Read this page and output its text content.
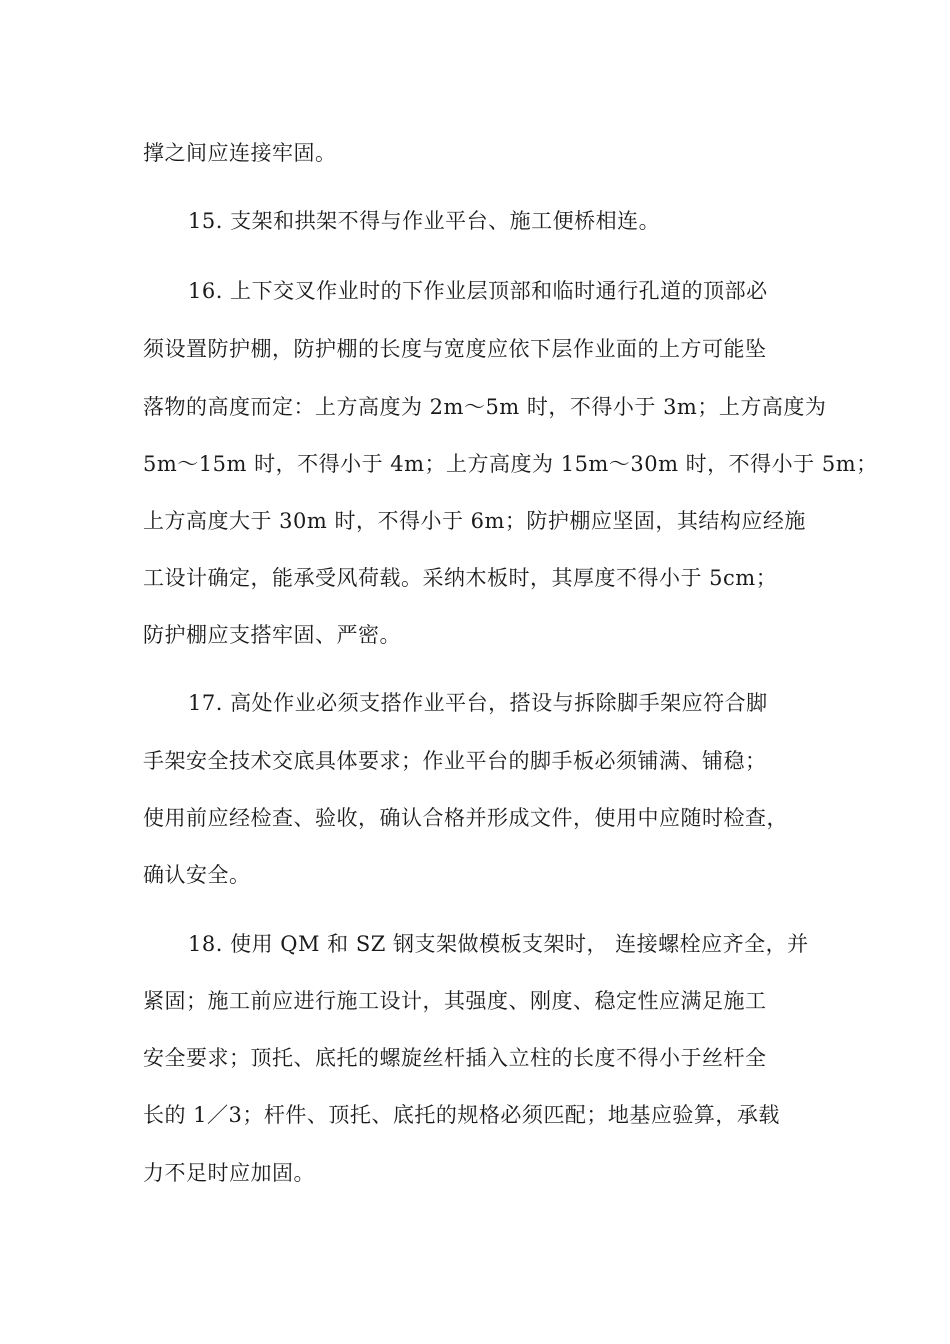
撑之间应连接牢固。
15. 支架和拱架不得与作业平台、施工便桥相连。
16. 上下交叉作业时的下作业层顶部和临时通行孔道的顶部必
须设置防护棚，防护棚的长度与宽度应依下层作业面的上方可能坠
落物的高度而定：上方高度为 2m～5m 时，不得小于 3m；上方高度为
5m～15m 时，不得小于 4m；上方高度为 15m～30m 时，不得小于 5m；
上方高度大于 30m 时，不得小于 6m；防护棚应坚固，其结构应经施
工设计确定，能承受风荷载。采纳木板时，其厚度不得小于 5cm；
防护棚应支搭牢固、严密。
17. 高处作业必须支搭作业平台，搭设与拆除脚手架应符合脚
手架安全技术交底具体要求；作业平台的脚手板必须铺满、铺稳；
使用前应经检查、验收，确认合格并形成文件，使用中应随时检查，
确认安全。
18. 使用 QM 和 SZ 钢支架做模板支架时， 连接螺栓应齐全，并
紧固；施工前应进行施工设计，其强度、刚度、稳定性应满足施工
安全要求；顶托、底托的螺旋丝杆插入立柱的长度不得小于丝杆全
长的 1／3；杆件、顶托、底托的规格必须匹配；地基应验算，承载
力不足时应加固。
